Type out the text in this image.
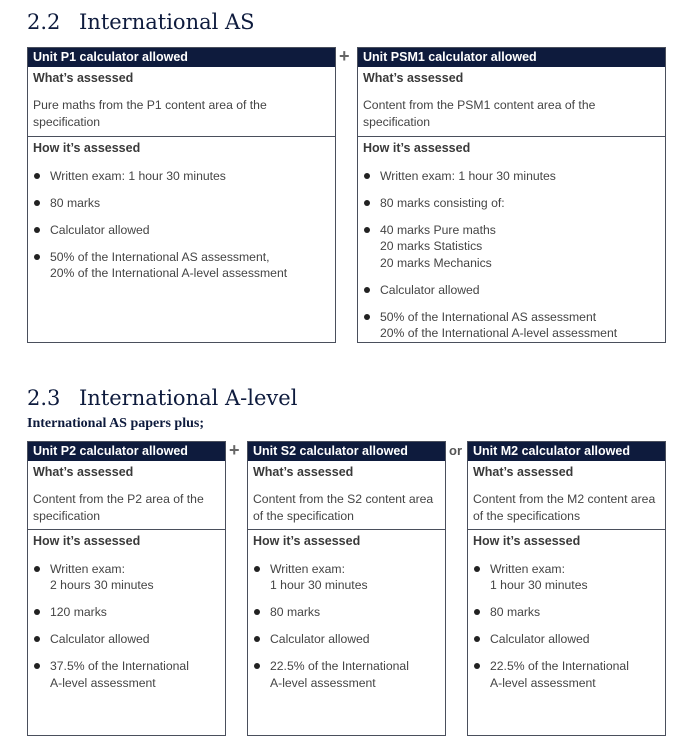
2.2 International AS
Unit P1 calculator allowed
What’s assessed
Pure maths from the P1 content area of the specification
How it’s assessed
Written exam: 1 hour 30 minutes
80 marks
Calculator allowed
50% of the International AS assessment,
20% of the International A-level assessment
+	Unit PSM1 calculator allowed
What’s assessed
Content from the PSM1 content area of the specification
How it’s assessed
Written exam: 1 hour 30 minutes
80 marks consisting of:
40 marks Pure maths
20 marks Statistics
20 marks Mechanics
Calculator allowed
50% of the International AS assessment
20% of the International A-level assessment
2.3 International A-level

International AS papers plus;

Unit P2 calculator allowed
What’s assessed
Content from the P2 area of the specification
How it’s assessed
Written exam:
2 hours 30 minutes
120 marks
Calculator allowed
37.5% of the International
A-level assessment
+	Unit S2 calculator allowed
What’s assessed
Content from the S2 content area of the specification
How it’s assessed
Written exam:
1 hour 30 minutes
80 marks
Calculator allowed
22.5% of the International
A-level assessment
or Unit M2 calculator allowed
What’s assessed
Content from the M2 content area of the specifications
How it’s assessed
Written exam:
1 hour 30 minutes
80 marks
Calculator allowed
22.5% of the International
A-level assessment
